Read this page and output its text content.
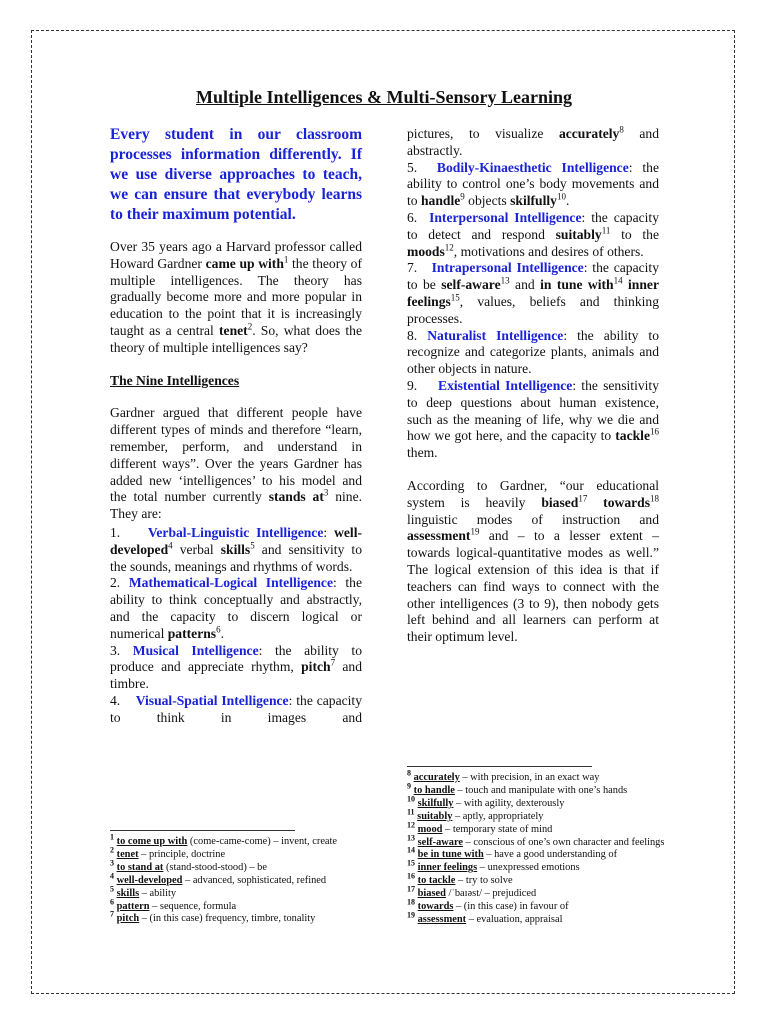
Multiple Intelligences & Multi-Sensory Learning

Every student in our classroom processes information differently. If we use diverse approaches to teach, we can ensure that everybody learns to their maximum potential.

Over 35 years ago a Harvard professor called Howard Gardner came up with$^1$ the theory of multiple intelligences. The theory has gradually become more and more popular in education to the point that it is increasingly taught as a central tenet$^2$. So, what does the theory of multiple intelligences say?

The Nine Intelligences

Gardner argued that different people have different types of minds and therefore “learn, remember, perform, and understand in different ways”. Over the years Gardner has added new ‘intelligences’ to his model and the total number currently stands $at^3$ nine. They are:

1. Verbal-Linguistic Intelligence: well-developed$^4$ verbal skills$^5$ and sensitivity to the sounds, meanings and rhythms of words.
2. Mathematical-Logical Intelligence: the ability to think conceptually and abstractly, and the capacity to discern logical or numerical patterns$^6$.
3. Musical Intelligence: the ability to produce and appreciate rhythm, pitch$^7$ and timbre.
4. Visual-Spatial Intelligence: the capacity to think in images and
pictures, to visualize accurately$^8$ and abstractly.
5. Bodily-Kinaesthetic Intelligence: the ability to control one’s body movements and to handle$^9$ objects skilfully$^{10}$.
6. Interpersonal Intelligence: the capacity to detect and respond suitably$^{11}$ to the moods$^{12}$, motivations and desires of others.
7. Intrapersonal Intelligence: the capacity to be self-aware$^{13}$ and in tune with$^{14}$ inner feelings$^{15}$, values, beliefs and thinking processes.
8. Naturalist Intelligence: the ability to recognize and categorize plants, animals and other objects in nature.
9. Existential Intelligence: the sensitivity to deep questions about human existence, such as the meaning of life, why we die and how we got here, and the capacity to tackle$^{16}$ them.

According to Gardner, “our educational system is heavily biased$^{17}$ towards$^{18}$ linguistic modes of instruction and assessment$^{19}$ and – to a lesser extent – towards logical-quantitative modes as well.” The logical extension of this idea is that if teachers can find ways to connect with the other intelligences (3 to 9), then nobody gets left behind and all learners can perform at their optimum level.

$^1$ to come up with (come-came-come) – invent, create
$^2$ tenet – principle, doctrine
$^3$ to stand at (stand-stood-stood) – be
$^4$ well-developed – advanced, sophisticated, refined
$^5$ skills – ability
$^6$ pattern – sequence, formula
$^7$ pitch – (in this case) frequency, timbre, tonality
$^8$ accurately – with precision, in an exact way
$^9$ to handle – touch and manipulate with one’s hands
$^{10}$ skilfully – with agility, dexterously
$^{11}$ suitably – aptly, appropriately
$^{12}$ mood – temporary state of mind
$^{13}$ self-aware – conscious of one’s own character and feelings
$^{14}$ be in tune with – have a good understanding of
$^{15}$ inner feelings – unexpressed emotions
$^{16}$ to tackle – try to solve
$^{17}$ biased /ˈbaɪəst/ – prejudiced
$^{18}$ towards – (in this case) in favour of
$^{19}$ assessment – evaluation, appraisal
